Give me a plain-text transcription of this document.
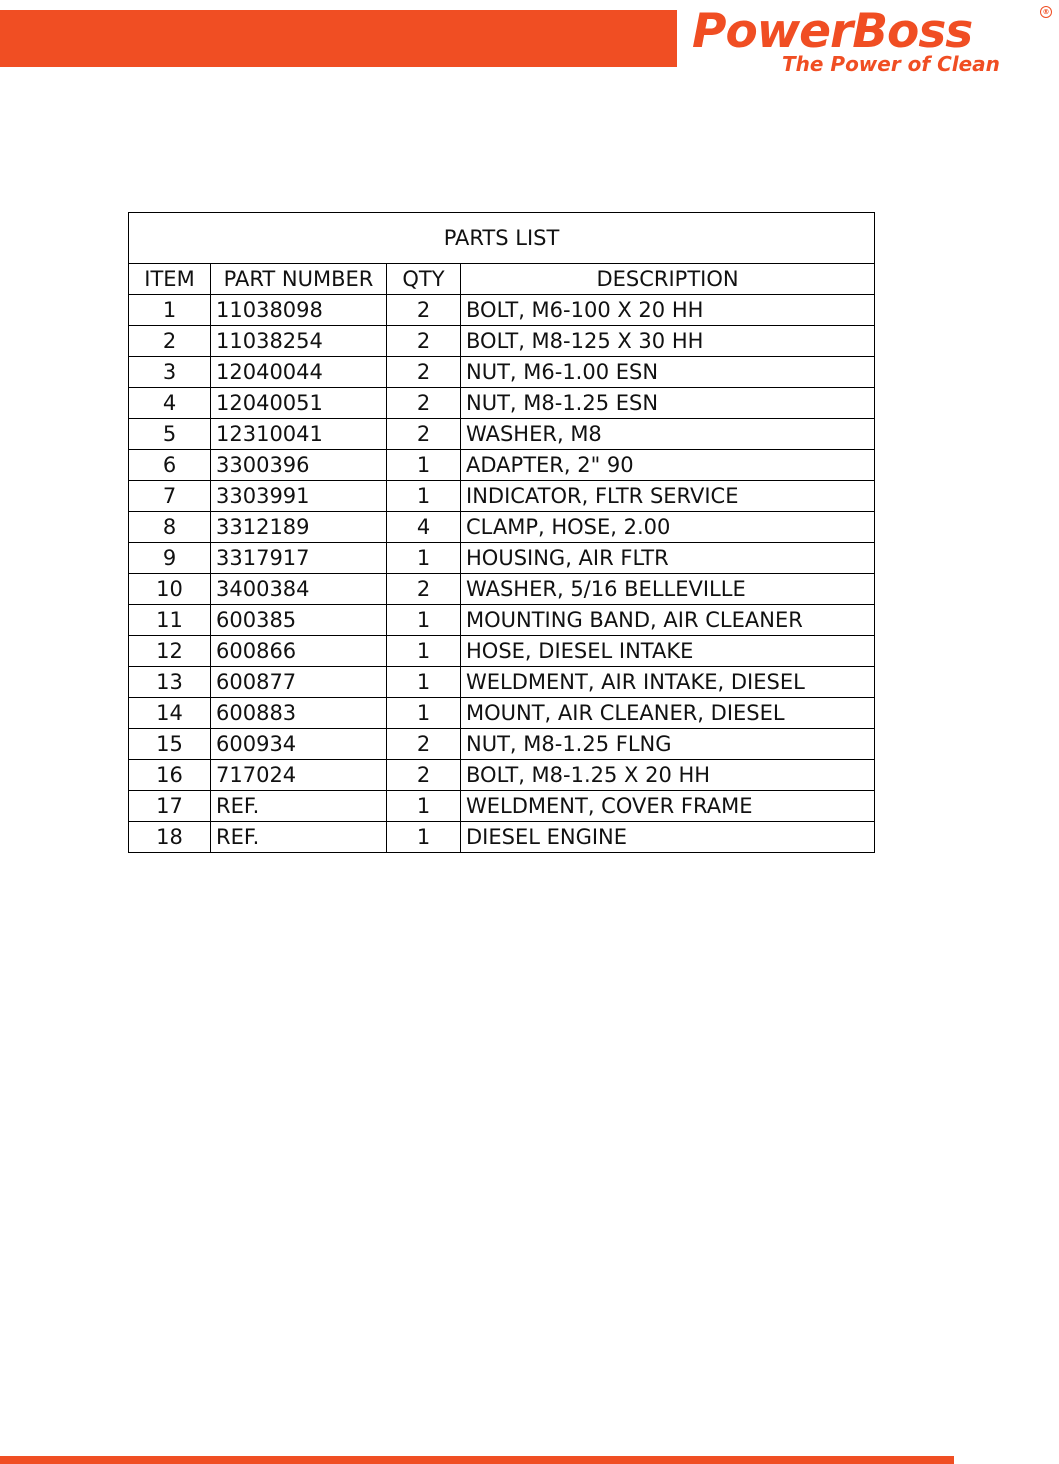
PowerBoss	®
The Power of Clean
PARTS LIST			
ITEM	PART NUMBER	QTY	DESCRIPTION
1	11038098	2	BOLT, M6-100 X 20 HH
2	11038254	2	BOLT, M8-125 X 30 HH
3	12040044	2	NUT, M6-1.00 ESN
4	12040051	2	NUT, M8-1.25 ESN
5	12310041	2	WASHER, M8
6	3300396	1	ADAPTER, 2" 90
7	3303991	1	INDICATOR, FLTR SERVICE
8	3312189	4	CLAMP, HOSE, 2.00
9	3317917	1	HOUSING, AIR FLTR
10	3400384	2	WASHER, 5/16 BELLEVILLE
11	600385	1	MOUNTING BAND, AIR CLEANER
12	600866	1	HOSE, DIESEL INTAKE
13	600877	1	WELDMENT, AIR INTAKE, DIESEL
14	600883	1	MOUNT, AIR CLEANER, DIESEL
15	600934	2	NUT, M8-1.25 FLNG
16	717024	2	BOLT, M8-1.25 X 20 HH
17	REF.	1	WELDMENT, COVER FRAME
18	REF.	1	DIESEL ENGINE
